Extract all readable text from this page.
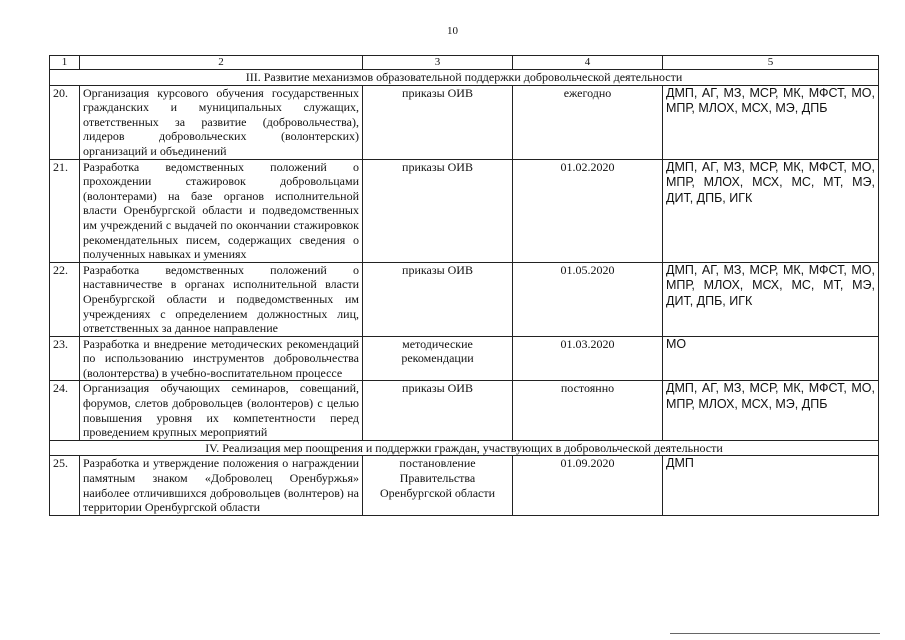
10
1	2	3	4	5
III. Развитие механизмов образовательной поддержки добровольческой деятельности				
20.	Организация курсового обучения государственных гражданских и муниципальных служащих, ответственных за развитие (добровольчества), лидеров добровольческих (волонтерских) организаций и объединений	приказы ОИВ	ежегодно	ДМП, АГ, МЗ, МСР, МК, МФСТ, МО, МПР, МЛОХ, МСХ, МЭ, ДПБ
21.	Разработка ведомственных положений о прохождении стажировок добровольцами (волонтерами) на базе органов исполнительной власти Оренбургской области и подведомственных им учреждений с выдачей по окончании стажировкок рекомендательных писем, содержащих сведения о полученных навыках и умениях	приказы ОИВ	01.02.2020	ДМП, АГ, МЗ, МСР, МК, МФСТ, МО, МПР, МЛОХ, МСХ, МС, МТ, МЭ, ДИТ, ДПБ, ИГК
22.	Разработка ведомственных положений о наставничестве в органах исполнительной власти Оренбургской области и подведомственных им учреждениях с определением должностных лиц, ответственных за данное направление	приказы ОИВ	01.05.2020	ДМП, АГ, МЗ, МСР, МК, МФСТ, МО, МПР, МЛОХ, МСХ, МС, МТ, МЭ, ДИТ, ДПБ, ИГК
23.	Разработка и внедрение методических рекомендаций по использованию инструментов добровольчества (волонтерства) в учебно-воспитательном процессе	методические рекомендации	01.03.2020	МО
24.	Организация обучающих семинаров, совещаний, форумов, слетов добровольцев (волонтеров) с целью повышения уровня их компетентности перед проведением крупных мероприятий	приказы ОИВ	постоянно	ДМП, АГ, МЗ, МСР, МК, МФСТ, МО, МПР, МЛОХ, МСХ, МЭ, ДПБ
IV. Реализация мер поощрения и поддержки граждан, участвующих в добровольческой деятельности				
25.	Разработка и утверждение положения о награждении памятным знаком «Доброволец Оренбуржья» наиболее отличившихся добровольцев (волнтеров) на территории Оренбургской области	постановление Правительства Оренбургской области	01.09.2020	ДМП
